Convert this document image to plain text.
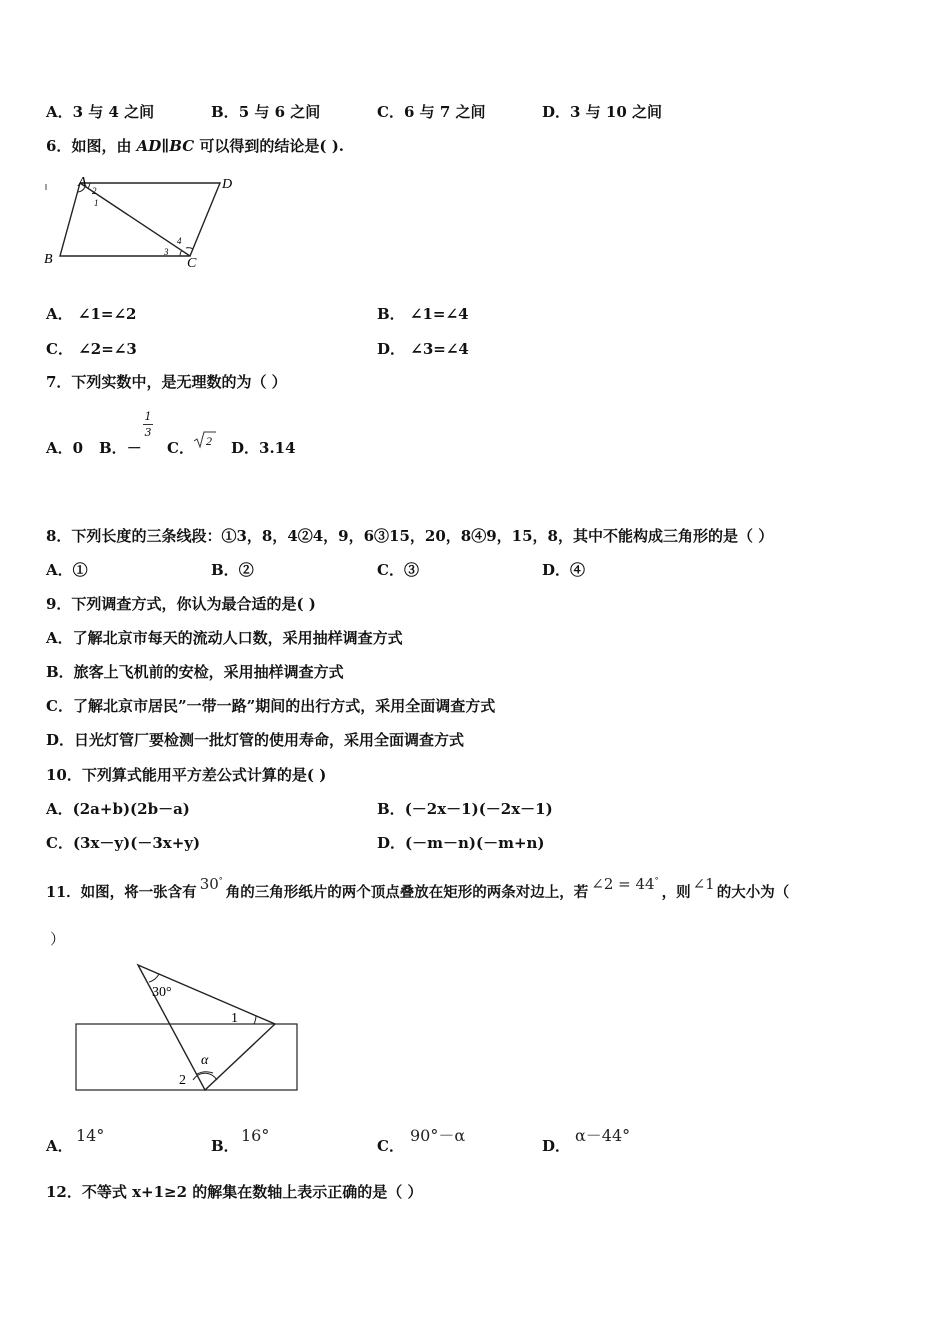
A．3 与 4 之间	B．5 与 6 之间	C．6 与 7 之间	D．3 与 10 之间
6．如图，由 AD∥BC 可以得到的结论是( ).
A	D
B	C
2
1
3
4
A． ∠1=∠2	B． ∠1=∠4
C． ∠2=∠3	D． ∠3=∠4
7．下列实数中，是无理数的为（ ）
A．0 B．－
1
3
C． 2 D．3.14
8．下列长度的三条线段：①3，8，4②4，9，6③15，20，8④9，15，8，其中不能构成三角形的是（ ）
A．①	B．②	C．③	D．④
9．下列调查方式，你认为最合适的是( )
A．了解北京市每天的流动人口数，采用抽样调查方式
B．旅客上飞机前的安检，采用抽样调查方式
C．了解北京市居民”一带一路”期间的出行方式，采用全面调查方式
D．日光灯管厂要检测一批灯管的使用寿命，采用全面调查方式
10．下列算式能用平方差公式计算的是( )
A．(2a+b)(2b－a)	B．(－2x－1)(－2x－1)
C．(3x－y)(－3x+y)	D．(－m－n)(－m+n)
11．如图，将一张含有 30°角的三角形纸片的两个顶点叠放在矩形的两条对边上，若 ∠2 = 44°，则 ∠1 的大小为（
）
30°
1
2
α
A．
14°
B．
16°
C．
90°－α
D．
α－44°
12．不等式 x+1≥2 的解集在数轴上表示正确的是（ ）
